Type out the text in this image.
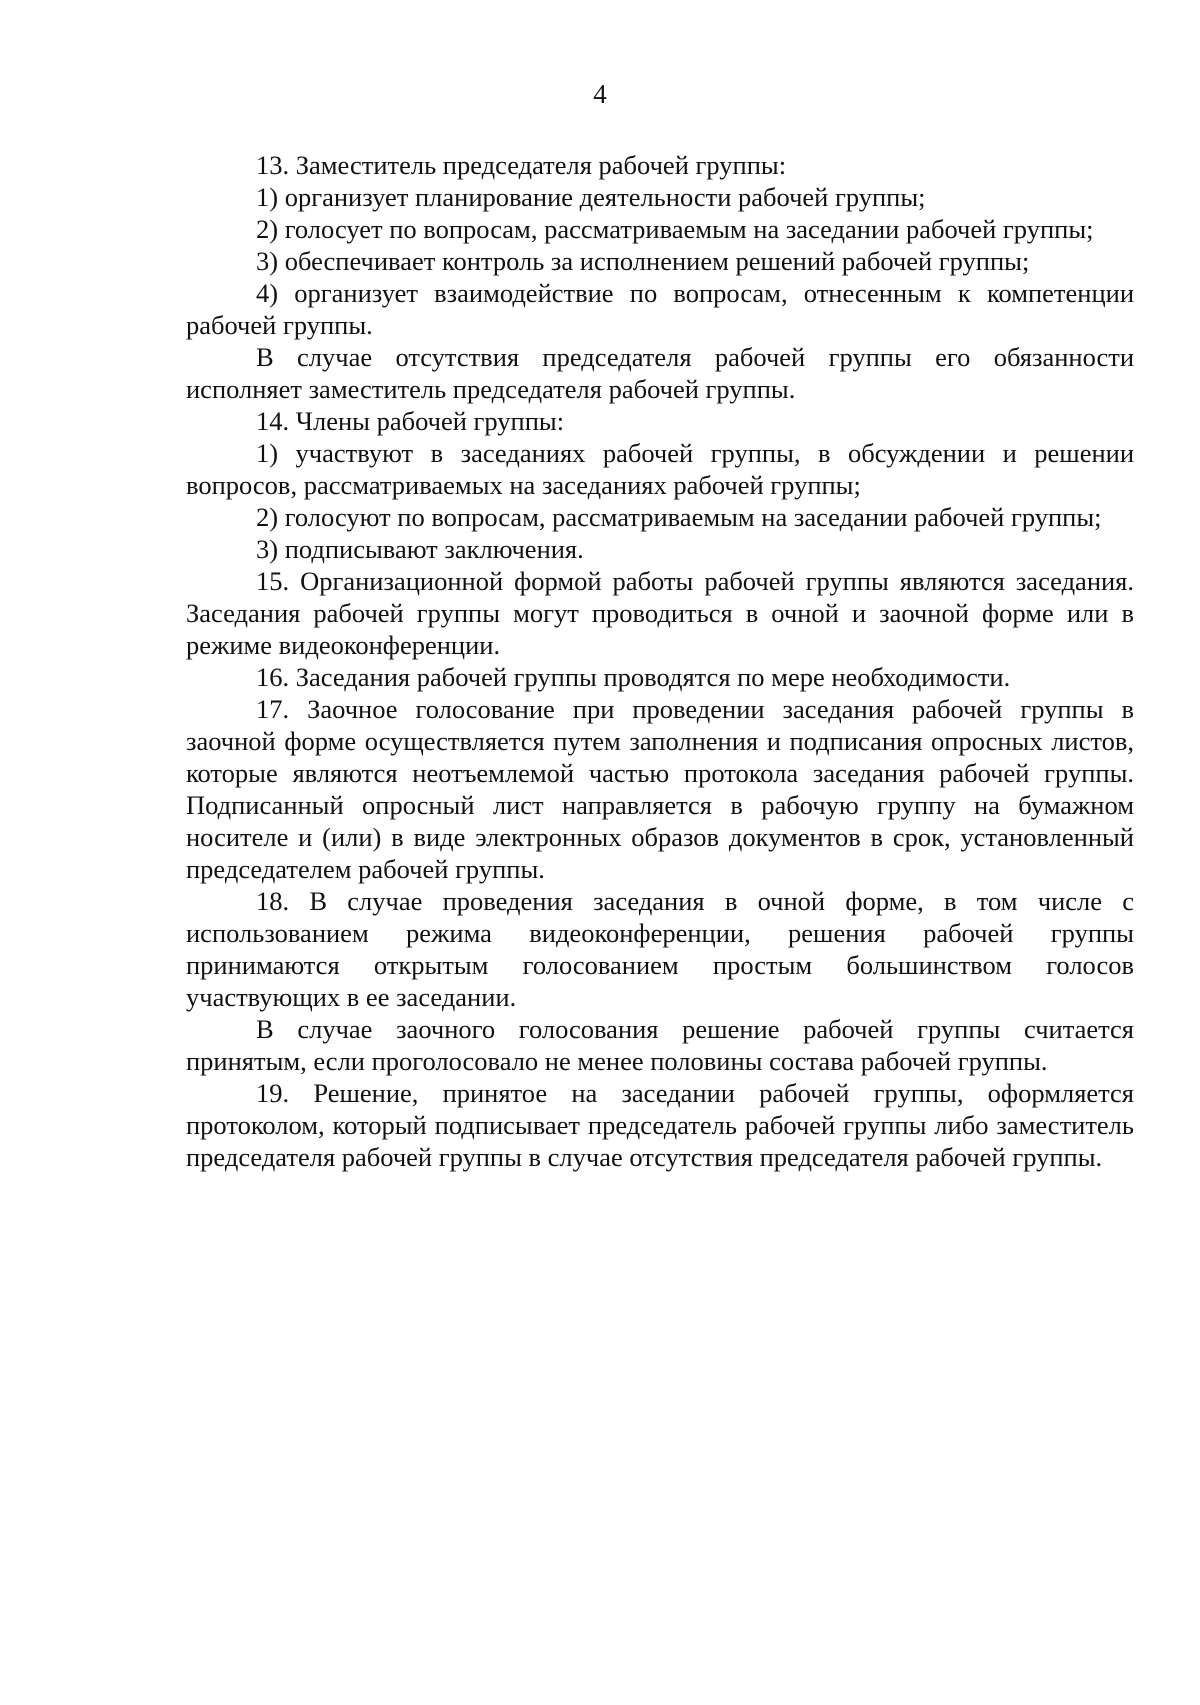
4

13. Заместитель председателя рабочей группы:

1) организует планирование деятельности рабочей группы;

2) голосует по вопросам, рассматриваемым на заседании рабочей группы;

3) обеспечивает контроль за исполнением решений рабочей группы;

4) организует взаимодействие по вопросам, отнесенным к компетенции рабочей группы.

В случае отсутствия председателя рабочей группы его обязанности исполняет заместитель председателя рабочей группы.

14. Члены рабочей группы:

1) участвуют в заседаниях рабочей группы, в обсуждении и решении вопросов, рассматриваемых на заседаниях рабочей группы;

2) голосуют по вопросам, рассматриваемым на заседании рабочей группы;

3) подписывают заключения.

15. Организационной формой работы рабочей группы являются заседания. Заседания рабочей группы могут проводиться в очной и заочной форме или в режиме видеоконференции.

16. Заседания рабочей группы проводятся по мере необходимости.

17. Заочное голосование при проведении заседания рабочей группы в заочной форме осуществляется путем заполнения и подписания опросных листов, которые являются неотъемлемой частью протокола заседания рабочей группы. Подписанный опросный лист направляется в рабочую группу на бумажном носителе и (или) в виде электронных образов документов в срок, установленный председателем рабочей группы.

18. В случае проведения заседания в очной форме, в том числе с использованием режима видеоконференции, решения рабочей группы принимаются открытым голосованием простым большинством голосов участвующих в ее заседании.

В случае заочного голосования решение рабочей группы считается принятым, если проголосовало не менее половины состава рабочей группы.

19. Решение, принятое на заседании рабочей группы, оформляется протоколом, который подписывает председатель рабочей группы либо заместитель председателя рабочей группы в случае отсутствия председателя рабочей группы.
